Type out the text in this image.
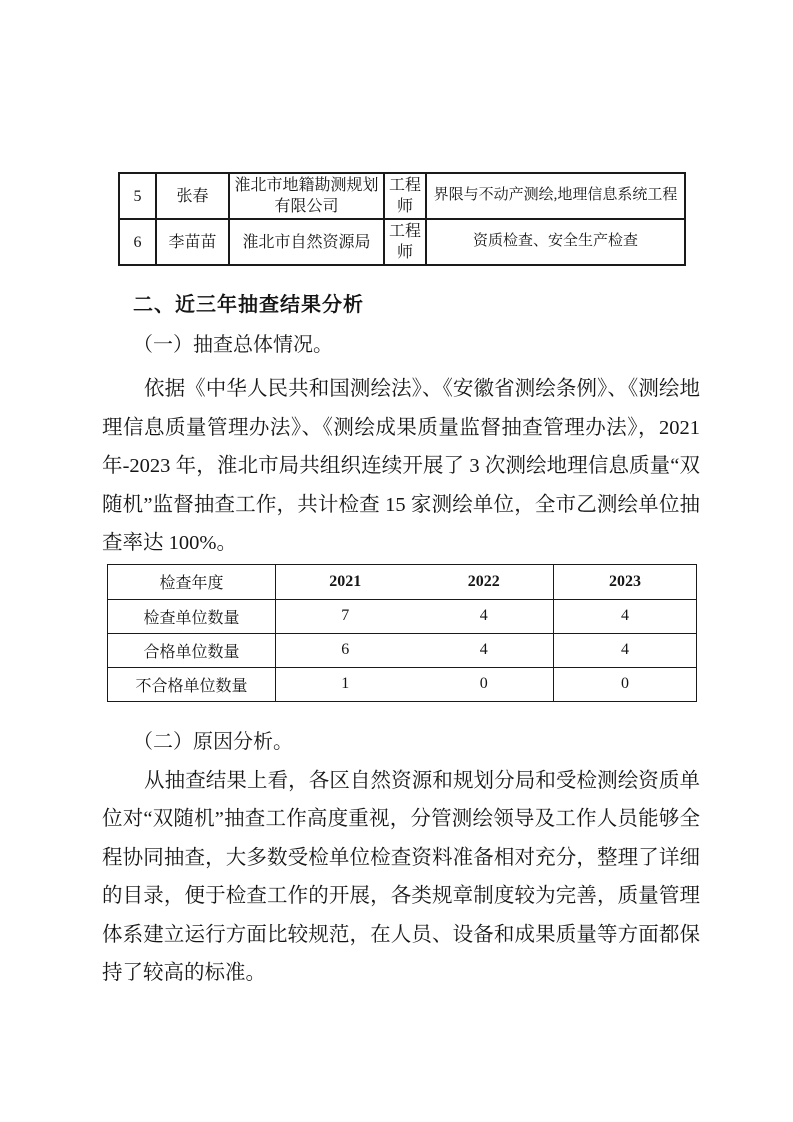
5	张春	淮北市地籍勘测规划有限公司	工程师	界限与不动产测绘,地理信息系统工程
6	李苗苗	淮北市自然资源局	工程师	资质检查、安全生产检查
二、近三年抽查结果分析
（一）抽查总体情况。

依据《中华人民共和国测绘法》、《安徽省测绘条例》、《测绘地理信息质量管理办法》、《测绘成果质量监督抽查管理办法》，2021 年-2023 年，淮北市局共组织连续开展了 3 次测绘地理信息质量“双随机”监督抽查工作，共计检查 15 家测绘单位，全市乙测绘单位抽查率达 100%。

检查年度	2021	2022	2023
检查单位数量	7	4	4
合格单位数量	6	4	4
不合格单位数量	1	0	0
（二）原因分析。

从抽查结果上看，各区自然资源和规划分局和受检测绘资质单位对“双随机”抽查工作高度重视，分管测绘领导及工作人员能够全程协同抽查，大多数受检单位检查资料准备相对充分，整理了详细的目录，便于检查工作的开展，各类规章制度较为完善，质量管理体系建立运行方面比较规范，在人员、设备和成果质量等方面都保持了较高的标准。
